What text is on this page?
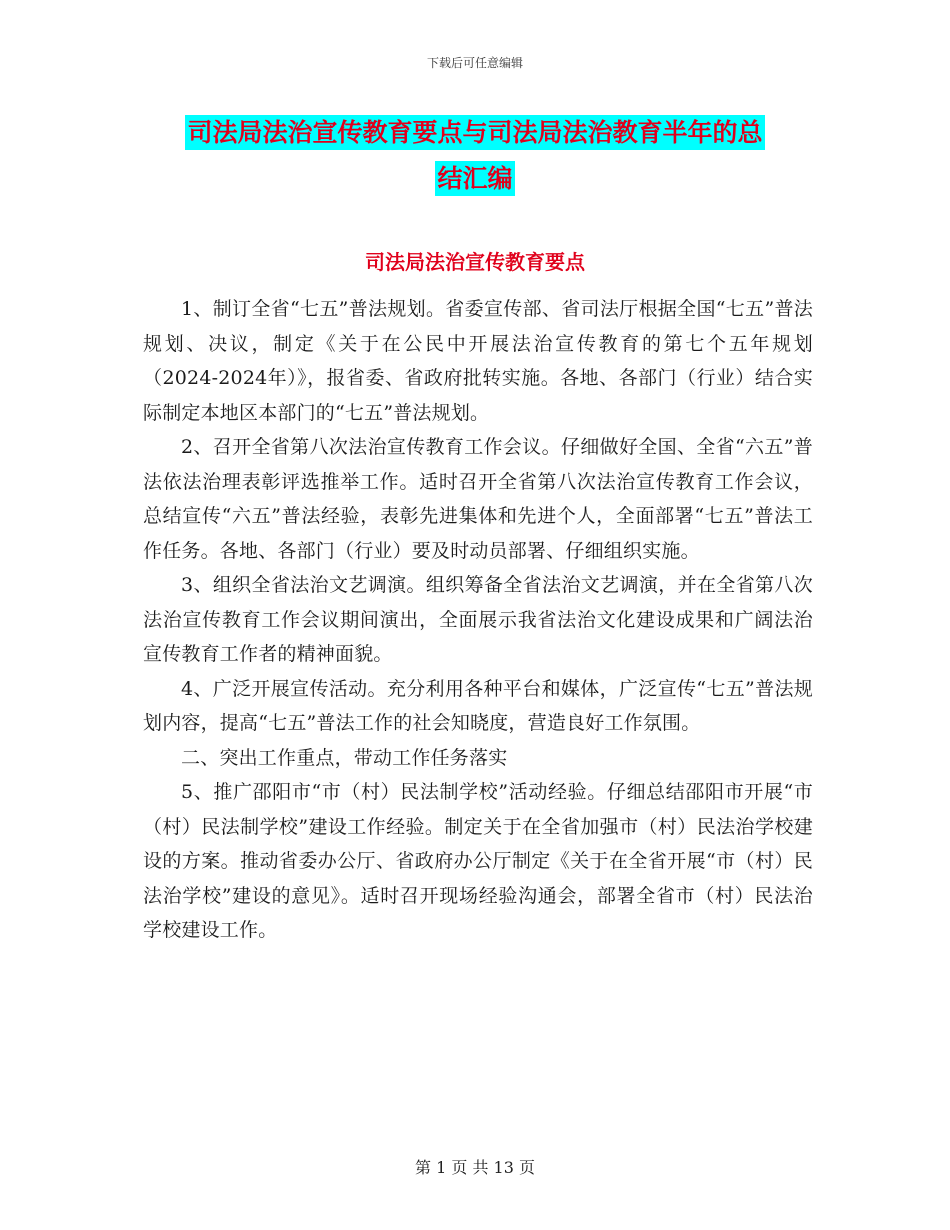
下载后可任意编辑
司法局法治宣传教育要点与司法局法治教育半年的总
结汇编
司法局法治宣传教育要点

1、制订全省“七五”普法规划。省委宣传部、省司法厅根据全国“七五”普法规划、决议，制定《关于在公民中开展法治宣传教育的第七个五年规划（2024-2024年）》，报省委、省政府批转实施。各地、各部门（行业）结合实际制定本地区本部门的“七五”普法规划。

2、召开全省第八次法治宣传教育工作会议。仔细做好全国、全省“六五”普法依法治理表彰评选推举工作。适时召开全省第八次法治宣传教育工作会议，总结宣传“六五”普法经验，表彰先进集体和先进个人，全面部署“七五”普法工作任务。各地、各部门（行业）要及时动员部署、仔细组织实施。

3、组织全省法治文艺调演。组织筹备全省法治文艺调演，并在全省第八次法治宣传教育工作会议期间演出，全面展示我省法治文化建设成果和广阔法治宣传教育工作者的精神面貌。

4、广泛开展宣传活动。充分利用各种平台和媒体，广泛宣传“七五”普法规划内容，提高“七五”普法工作的社会知晓度，营造良好工作氛围。

二、突出工作重点，带动工作任务落实

5、推广邵阳市“市（村）民法制学校”活动经验。仔细总结邵阳市开展“市（村）民法制学校”建设工作经验。制定关于在全省加强市（村）民法治学校建设的方案。推动省委办公厅、省政府办公厅制定《关于在全省开展“市（村）民法治学校”建设的意见》。适时召开现场经验沟通会，部署全省市（村）民法治学校建设工作。

第 1 页 共 13 页
